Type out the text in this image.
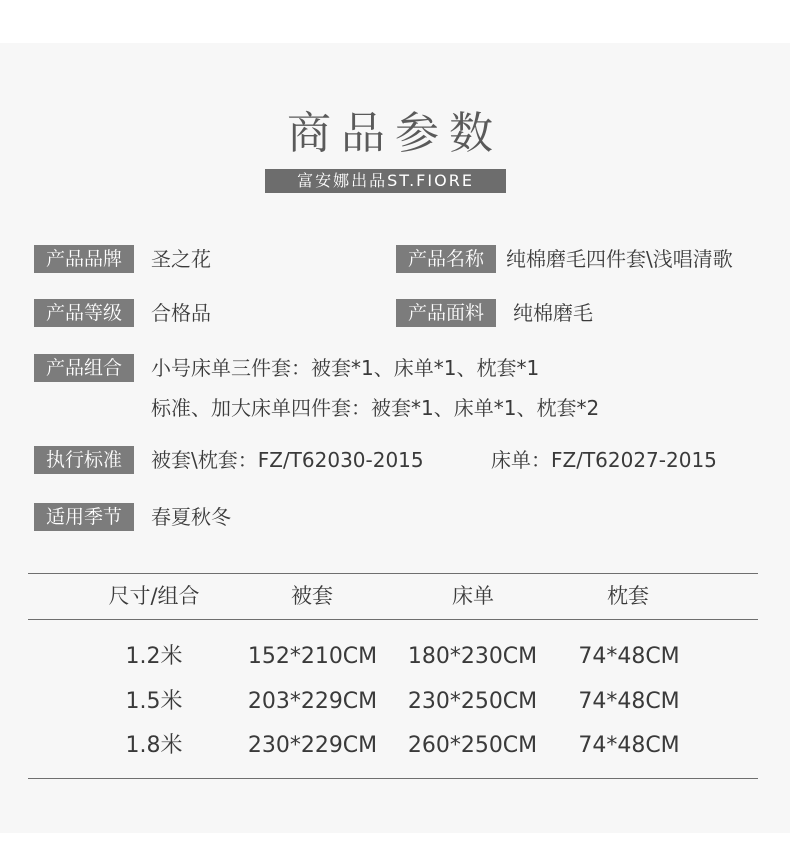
商品参数
富安娜出品ST.FIORE
产品品牌	圣之花	产品名称	纯棉磨毛四件套\浅唱清歌
产品等级	合格品	产品面料	纯棉磨毛
产品组合	小号床单三件套：被套*1、床单*1、枕套*1
标准、加大床单四件套：被套*1、床单*1、枕套*2
执行标准	被套\枕套：FZ/T62030-2015	床单：FZ/T62027-2015
适用季节	春夏秋冬
尺寸/组合	被套	床单	枕套
1.2米	152*210CM	180*230CM	74*48CM
1.5米	203*229CM	230*250CM	74*48CM
1.8米	230*229CM	260*250CM	74*48CM
